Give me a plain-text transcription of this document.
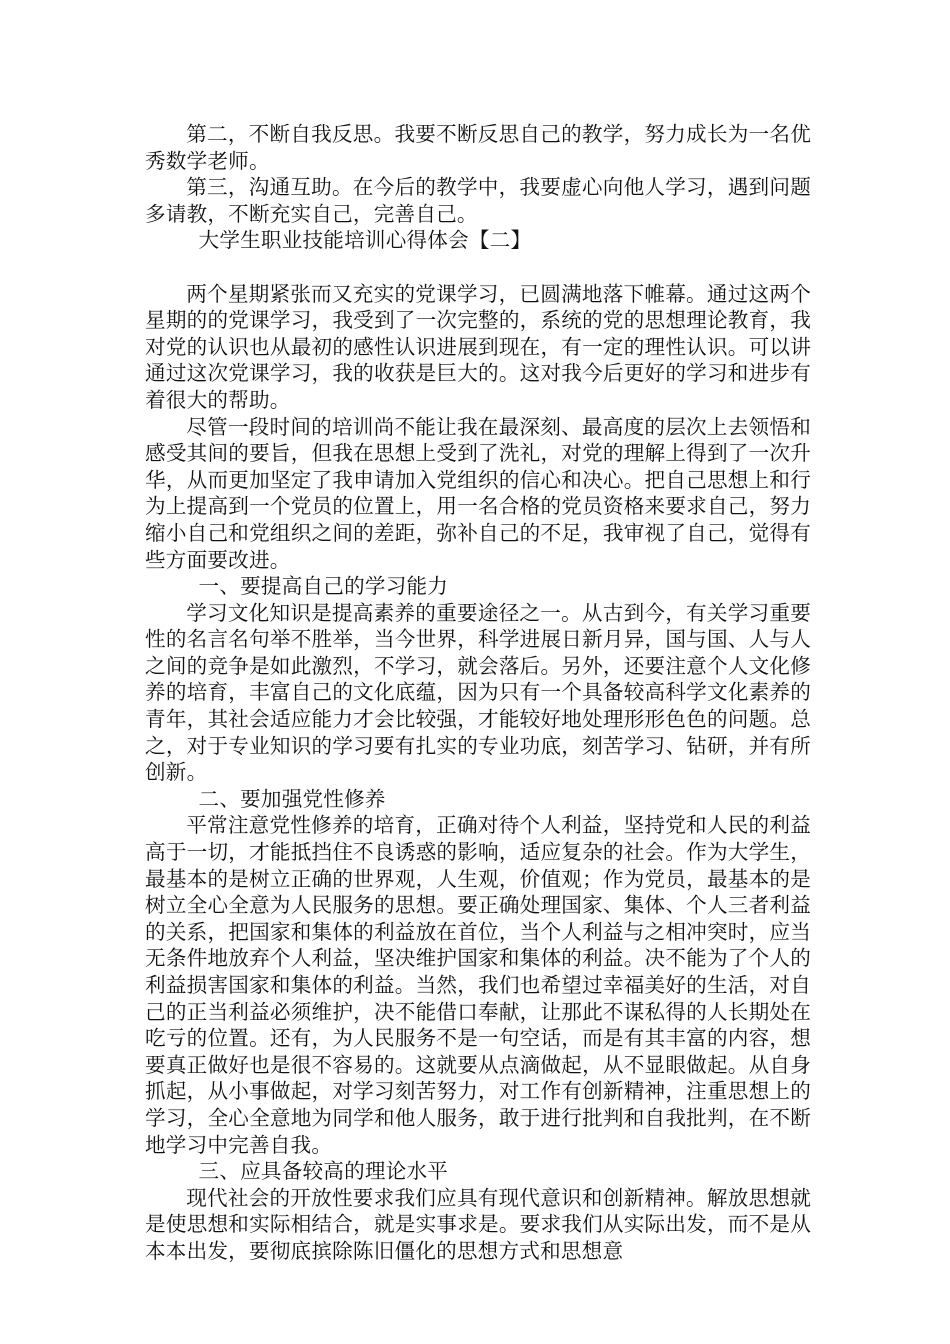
第二，不断自我反思。我要不断反思自己的教学，努力成长为一名优秀数学老师。

第三，沟通互助。在今后的教学中，我要虚心向他人学习，遇到问题多请教，不断充实自己，完善自己。

大学生职业技能培训心得体会【二】

两个星期紧张而又充实的党课学习，已圆满地落下帷幕。通过这两个星期的的党课学习，我受到了一次完整的，系统的党的思想理论教育，我对党的认识也从最初的感性认识进展到现在，有一定的理性认识。可以讲通过这次党课学习，我的收获是巨大的。这对我今后更好的学习和进步有着很大的帮助。

尽管一段时间的培训尚不能让我在最深刻、最高度的层次上去领悟和感受其间的要旨，但我在思想上受到了洗礼，对党的理解上得到了一次升华，从而更加坚定了我申请加入党组织的信心和决心。把自己思想上和行为上提高到一个党员的位置上，用一名合格的党员资格来要求自己，努力缩小自己和党组织之间的差距，弥补自己的不足，我审视了自己，觉得有些方面要改进。

一、要提高自己的学习能力

学习文化知识是提高素养的重要途径之一。从古到今，有关学习重要性的名言名句举不胜举，当今世界，科学进展日新月异，国与国、人与人之间的竞争是如此激烈，不学习，就会落后。另外，还要注意个人文化修养的培育，丰富自己的文化底蕴，因为只有一个具备较高科学文化素养的青年，其社会适应能力才会比较强，才能较好地处理形形色色的问题。总之，对于专业知识的学习要有扎实的专业功底，刻苦学习、钻研，并有所创新。

二、要加强党性修养

平常注意党性修养的培育，正确对待个人利益，坚持党和人民的利益高于一切，才能抵挡住不良诱惑的影响，适应复杂的社会。作为大学生，最基本的是树立正确的世界观，人生观，价值观；作为党员，最基本的是树立全心全意为人民服务的思想。要正确处理国家、集体、个人三者利益的关系，把国家和集体的利益放在首位，当个人利益与之相冲突时，应当无条件地放弃个人利益，坚决维护国家和集体的利益。决不能为了个人的利益损害国家和集体的利益。当然，我们也希望过幸福美好的生活，对自己的正当利益必须维护，决不能借口奉献，让那此不谋私得的人长期处在吃亏的位置。还有，为人民服务不是一句空话，而是有其丰富的内容，想要真正做好也是很不容易的。这就要从点滴做起，从不显眼做起。从自身抓起，从小事做起，对学习刻苦努力，对工作有创新精神，注重思想上的学习，全心全意地为同学和他人服务，敢于进行批判和自我批判，在不断地学习中完善自我。

三、应具备较高的理论水平

现代社会的开放性要求我们应具有现代意识和创新精神。解放思想就是使思想和实际相结合，就是实事求是。要求我们从实际出发，而不是从本本出发，要彻底摈除陈旧僵化的思想方式和思想意
